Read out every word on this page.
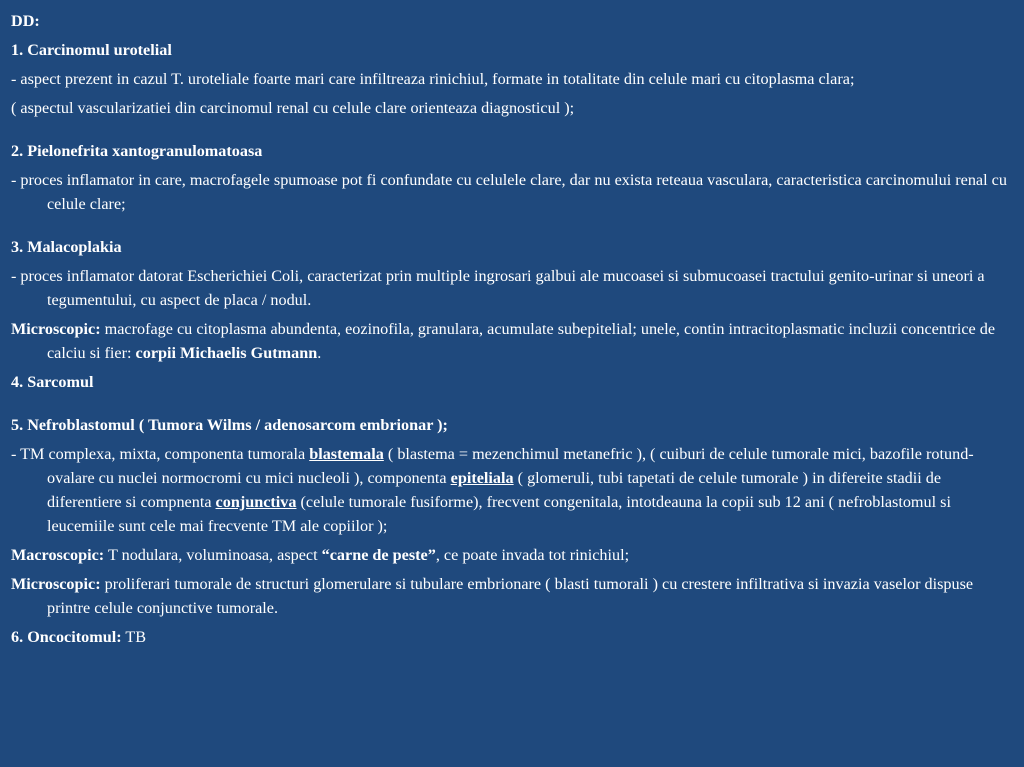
DD:
1. Carcinomul urotelial
- aspect prezent in cazul T. uroteliale foarte mari care infiltreaza rinichiul, formate in totalitate din celule mari cu citoplasma clara;
( aspectul vascularizatiei din carcinomul renal cu celule clare orienteaza diagnosticul );
2. Pielonefrita xantogranulomatoasa
- proces inflamator in care, macrofagele spumoase pot fi confundate cu celulele clare, dar nu exista reteaua vasculara, caracteristica carcinomului renal cu celule clare;
3. Malacoplakia
- proces inflamator datorat Escherichiei Coli, caracterizat prin multiple ingrosari galbui ale mucoasei si submucoasei tractului genito-urinar si uneori a tegumentului, cu aspect de placa / nodul.
Microscopic: macrofage cu citoplasma abundenta, eozinofila, granulara, acumulate subepitelial; unele, contin intracitoplasmatic incluzii concentrice de calciu si fier: corpii Michaelis Gutmann.
4. Sarcomul
5. Nefroblastomul ( Tumora Wilms / adenosarcom embrionar );
- TM complexa, mixta, componenta tumorala blastemala ( blastema = mezenchimul metanefric ), ( cuiburi de celule tumorale mici, bazofile rotund-ovalare cu nuclei normocromi cu mici nucleoli ), componenta epiteliala ( glomeruli, tubi tapetati de celule tumorale ) in difereite stadii de diferentiere si compnenta conjunctiva (celule tumorale fusiforme), frecvent congenitala, intotdeauna la copii sub 12 ani ( nefroblastomul si leucemiile sunt cele mai frecvente TM ale copiilor );
Macroscopic: T nodulara, voluminoasa, aspect “carne de peste”, ce poate invada tot rinichiul;
Microscopic: proliferari tumorale de structuri glomerulare si tubulare embrionare ( blasti tumorali ) cu crestere infiltrativa si invazia vaselor dispuse printre celule conjunctive tumorale.
6. Oncocitomul: TB
